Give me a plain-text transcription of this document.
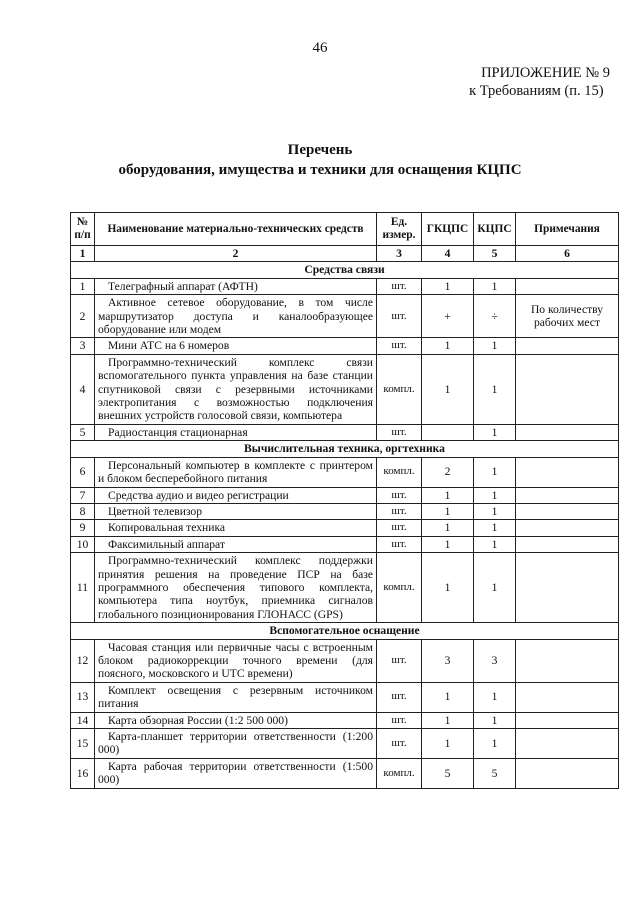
46
ПРИЛОЖЕНИЕ № 9
к Требованиям (п. 15)
Перечень
оборудования, имущества и техники для оснащения КЦПС
№ п/п	Наименование материально-технических средств	Ед. измер.	ГКЦПС	КЦПС	Примечания
1	2	3	4	5	6
Средства связи					
1	Телеграфный аппарат (АФТН)	шт.	1	1	
2	Активное сетевое оборудование, в том числе маршрутизатор доступа и каналообразующее оборудование или модем	шт.	+	÷	По количеству рабочих мест
3	Мини АТС на 6 номеров	шт.	1	1	
4	Программно-технический комплекс связи вспомогательного пункта управления на базе станции спутниковой связи с резервными источниками электропитания с возможностью подключения внешних устройств голосовой связи, компьютера	компл.	1	1	
5	Радиостанция стационарная	шт.		1	
Вычислительная техника, оргтехника					
6	Персональный компьютер в комплекте с принтером и блоком бесперебойного питания	компл.	2	1	
7	Средства аудио и видео регистрации	шт.	1	1	
8	Цветной телевизор	шт.	1	1	
9	Копировальная техника	шт.	1	1	
10	Факсимильный аппарат	шт.	1	1	
11	Программно-технический комплекс поддержки принятия решения на проведение ПСР на базе программного обеспечения типового комплекта, компьютера типа ноутбук, приемника сигналов глобального позиционирования ГЛОНАСС (GPS)	компл.	1	1	
Вспомогательное оснащение					
12	Часовая станция или первичные часы с встроенным блоком радиокоррекции точного времени (для поясного, московского и UTC времени)	шт.	3	3	
13	Комплект освещения с резервным источником питания	шт.	1	1	
14	Карта обзорная России (1:2 500 000)	шт.	1	1	
15	Карта-планшет территории ответственности (1:200 000)	шт.	1	1	
16	Карта рабочая территории ответственности (1:500 000)	компл.	5	5	
